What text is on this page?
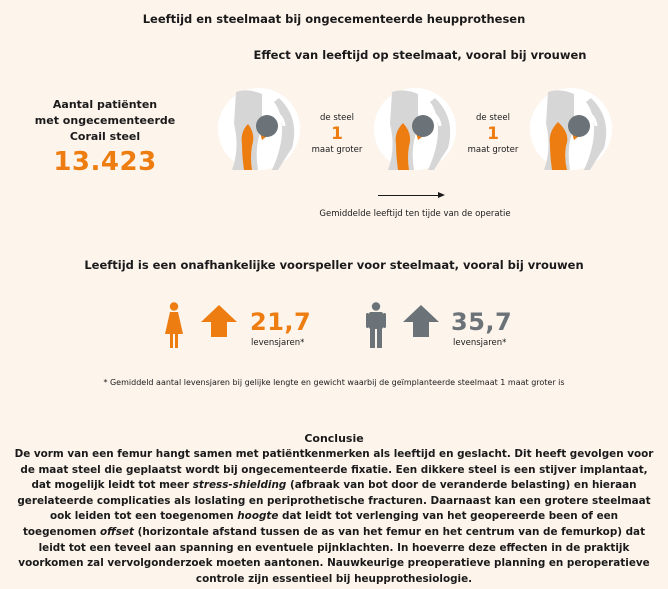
Leeftijd en steelmaat bij ongecementeerde heupprothesen
Effect van leeftijd op steelmaat, vooral bij vrouwen
Aantal patiënten
met ongecementeerde
Corail steel
13.423
de steel
1
maat groter
de steel
1
maat groter
Gemiddelde leeftijd ten tijde van de operatie
Leeftijd is een onafhankelijke voorspeller voor steelmaat, vooral bij vrouwen
21,7
levensjaren*
35,7
levensjaren*
* Gemiddeld aantal levensjaren bij gelijke lengte en gewicht waarbij de geïmplanteerde steelmaat 1 maat groter is
Conclusie
De vorm van een femur hangt samen met patiëntkenmerken als leeftijd en geslacht. Dit heeft gevolgen voor de maat steel die geplaatst wordt bij ongecementeerde fixatie. Een dikkere steel is een stijver implantaat, dat mogelijk leidt tot meer stress-shielding (afbraak van bot door de veranderde belasting) en hieraan gerelateerde complicaties als loslating en periprothetische fracturen. Daarnaast kan een grotere steelmaat ook leiden tot een toegenomen hoogte dat leidt tot verlenging van het geopereerde been of een toegenomen offset (horizontale afstand tussen de as van het femur en het centrum van de femurkop) dat leidt tot een teveel aan spanning en eventuele pijnklachten. In hoeverre deze effecten in de praktijk voorkomen zal vervolgonderzoek moeten aantonen. Nauwkeurige preoperatieve planning en peroperatieve controle zijn essentieel bij heupprothesiologie.
